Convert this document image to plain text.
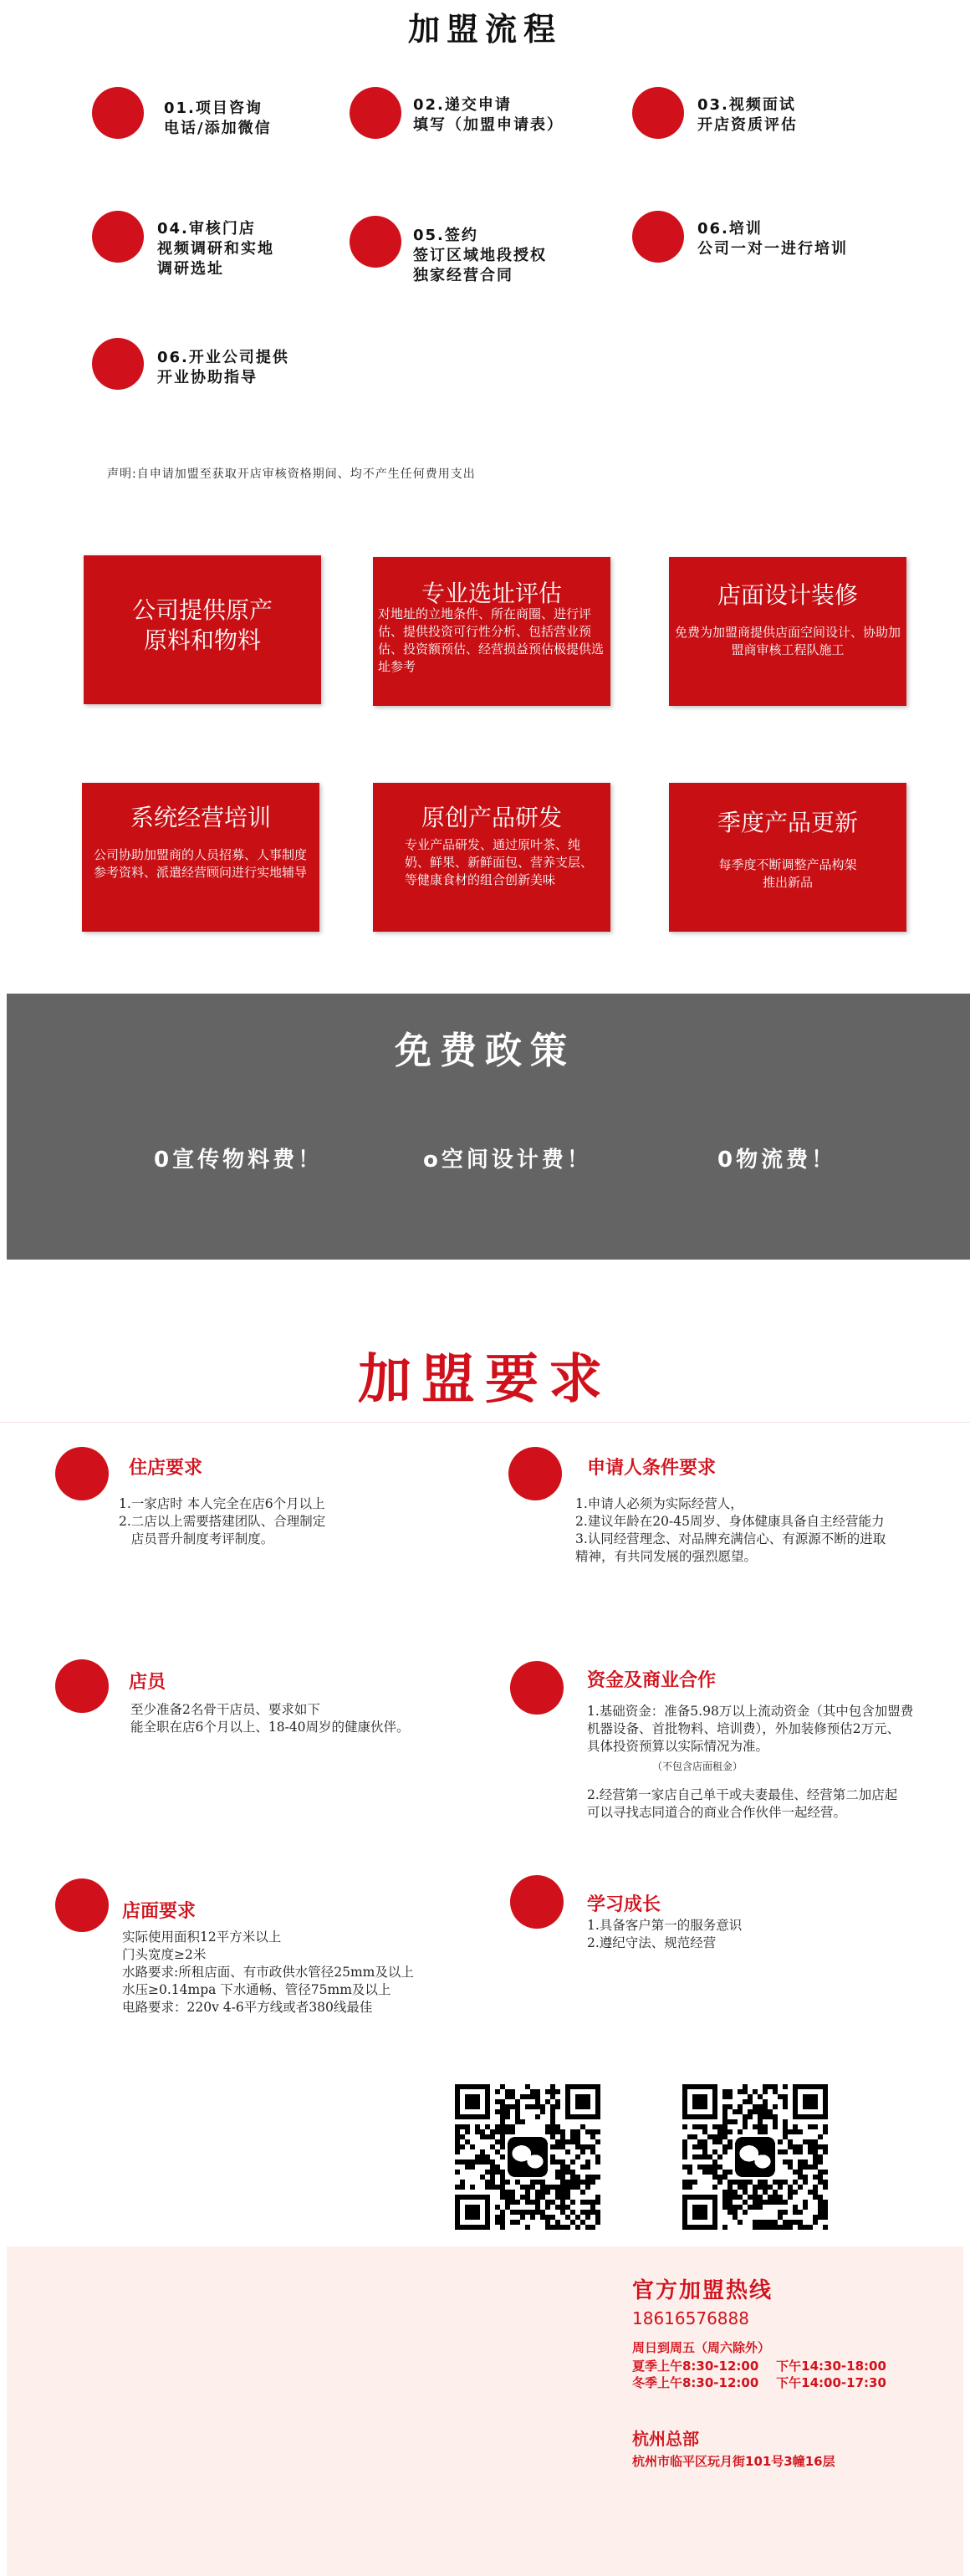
加盟流程
01.项目咨询
电话/添加微信
02.递交申请
填写（加盟申请表）
03.视频面试
开店资质评估
04.审核门店
视频调研和实地
调研选址
05.签约
签订区域地段授权
独家经营合同
06.培训
公司一对一进行培训
06.开业公司提供
开业协助指导
声明:自申请加盟至获取开店审核资格期间、均不产生任何费用支出
公司提供原产
原料和物料
专业选址评估
对地址的立地条件、所在商圈、进行评估、提供投资可行性分析、包括营业预估、投资额预估、经营损益预估极提供选址参考
店面设计装修
免费为加盟商提供店面空间设计、协助加盟商审核工程队施工
系统经营培训
公司协助加盟商的人员招募、人事制度参考资料、派遣经营顾问进行实地辅导
原创产品研发
专业产品研发、通过原叶茶、纯奶、鲜果、新鲜面包、营养支层、等健康食材的组合创新美味
季度产品更新
每季度不断调整产品构架
推出新品
免费政策
0宣传物料费！	o空间设计费！	0物流费！
加盟要求
住店要求
1.一家店时 本人完全在店6个月以上
2.二店以上需要搭建团队、合理制定
店员晋升制度考评制度。
店员
至少准备2名骨干店员、要求如下
能全职在店6个月以上、18-40周岁的健康伙伴。
店面要求
实际使用面积12平方米以上
门头宽度≥2米
水路要求:所租店面、有市政供水管径25mm及以上
水压≥0.14mpa 下水通畅、管径75mm及以上
电路要求：220v 4-6平方线或者380线最佳
申请人条件要求
1.申请人必须为实际经营人，
2.建议年龄在20-45周岁、身体健康具备自主经营能力
3.认同经营理念、对品牌充满信心、有源源不断的进取
精神，有共同发展的强烈愿望。
资金及商业合作
1.基础资金：准备5.98万以上流动资金（其中包含加盟费
机器设备、首批物料、培训费），外加装修预估2万元、
具体投资预算以实际情况为准。
（不包含店面租金）
2.经营第一家店自己单干或夫妻最佳、经营第二加店起
可以寻找志同道合的商业合作伙伴一起经营。
学习成长
1.具备客户第一的服务意识
2.遵纪守法、规范经营
官方加盟热线
18616576888
周日到周五（周六除外）
夏季上午8:30-12:00    下午14:30-18:00
冬季上午8:30-12:00    下午14:00-17:30
杭州总部
杭州市临平区玩月街101号3幢16层
